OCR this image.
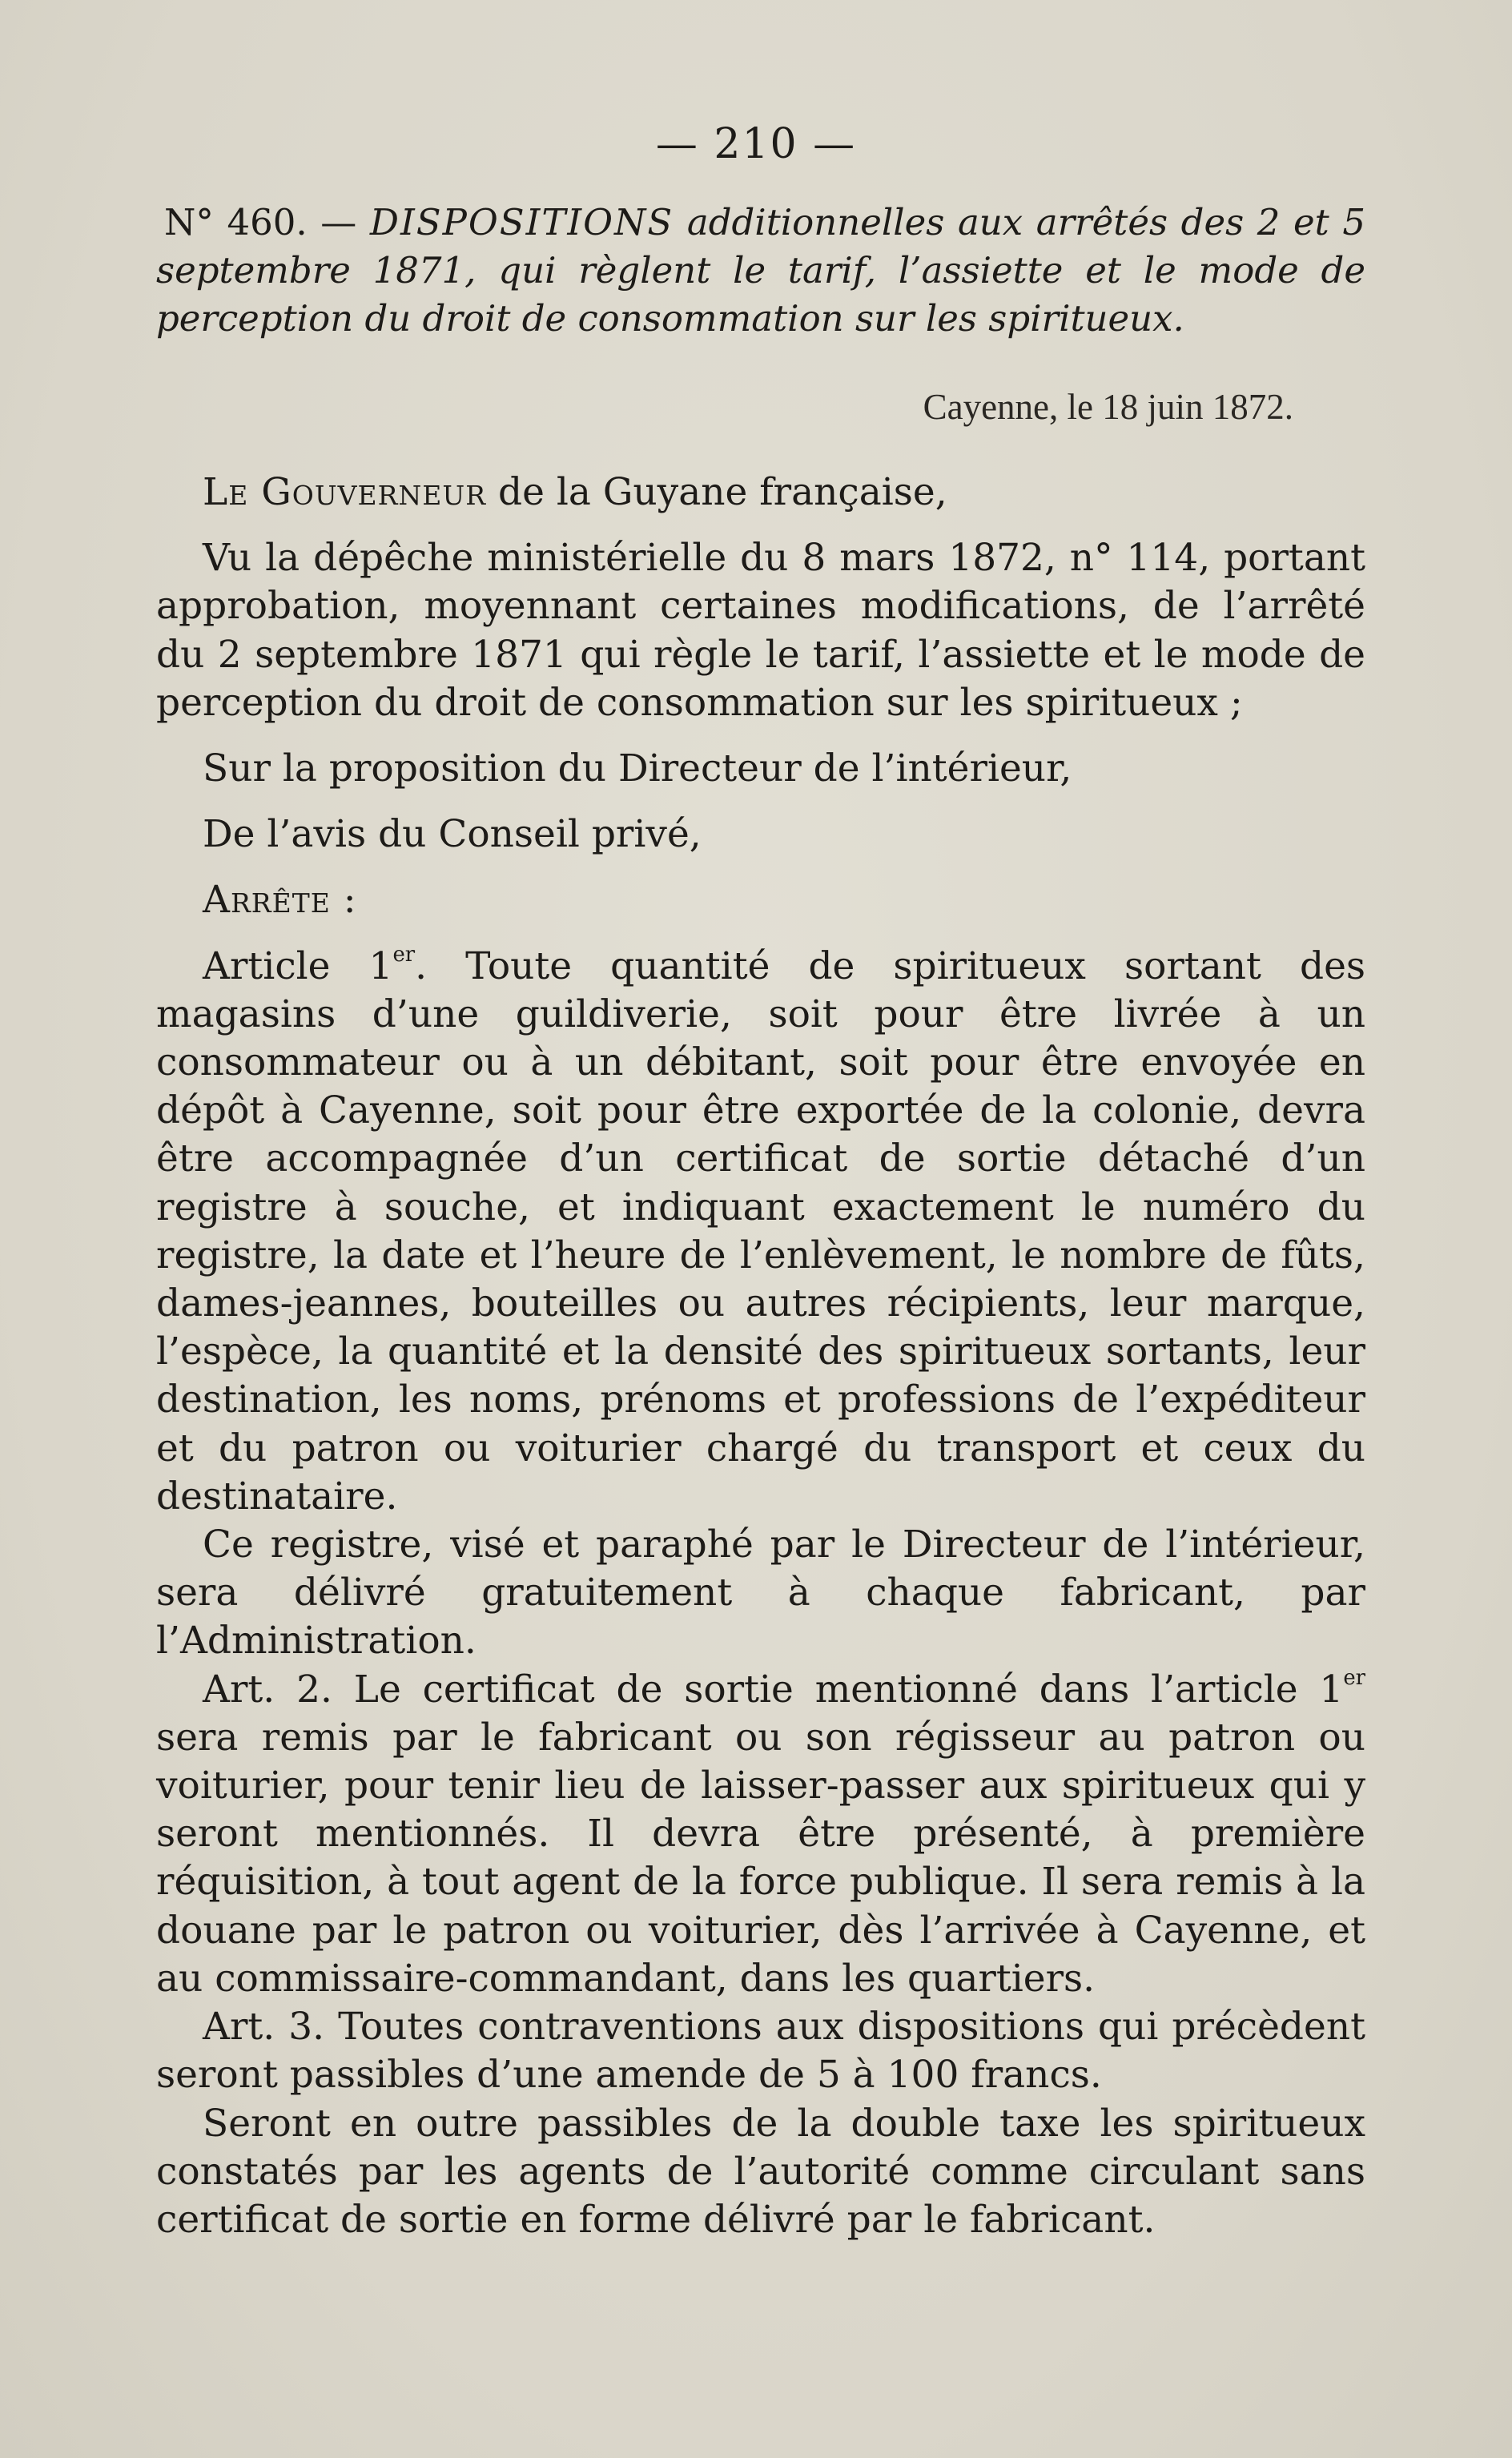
— 210 —
N° 460. — DISPOSITIONS additionnelles aux arrêtés des 2 et 5 septembre 1871, qui règlent le tarif, l’assiette et le mode de perception du droit de consommation sur les spiritueux.
Cayenne, le 18 juin 1872.

Le Gouverneur de la Guyane française,

Vu la dépêche ministérielle du 8 mars 1872, n° 114, portant approbation, moyennant certaines modifications, de l’arrêté du 2 septembre 1871 qui règle le tarif, l’assiette et le mode de perception du droit de consommation sur les spiritueux ;

Sur la proposition du Directeur de l’intérieur,

De l’avis du Conseil privé,

Arrête :

Article 1er. Toute quantité de spiritueux sortant des magasins d’une guildiverie, soit pour être livrée à un consommateur ou à un débitant, soit pour être envoyée en dépôt à Cayenne, soit pour être exportée de la colonie, devra être accompagnée d’un certificat de sortie détaché d’un registre à souche, et indiquant exactement le numéro du registre, la date et l’heure de l’enlèvement, le nombre de fûts, dames-jeannes, bouteilles ou autres récipients, leur marque, l’espèce, la quantité et la densité des spiritueux sortants, leur destination, les noms, prénoms et professions de l’expéditeur et du patron ou voiturier chargé du transport et ceux du destinataire.

Ce registre, visé et paraphé par le Directeur de l’intérieur, sera délivré gratuitement à chaque fabricant, par l’Administration.

Art. 2. Le certificat de sortie mentionné dans l’article 1er sera remis par le fabricant ou son régisseur au patron ou voiturier, pour tenir lieu de laisser-passer aux spiritueux qui y seront mentionnés. Il devra être présenté, à première réquisition, à tout agent de la force publique. Il sera remis à la douane par le patron ou voiturier, dès l’arrivée à Cayenne, et au commissaire-commandant, dans les quartiers.

Art. 3. Toutes contraventions aux dispositions qui précèdent seront passibles d’une amende de 5 à 100 francs.

Seront en outre passibles de la double taxe les spiritueux constatés par les agents de l’autorité comme circulant sans certificat de sortie en forme délivré par le fabricant.
